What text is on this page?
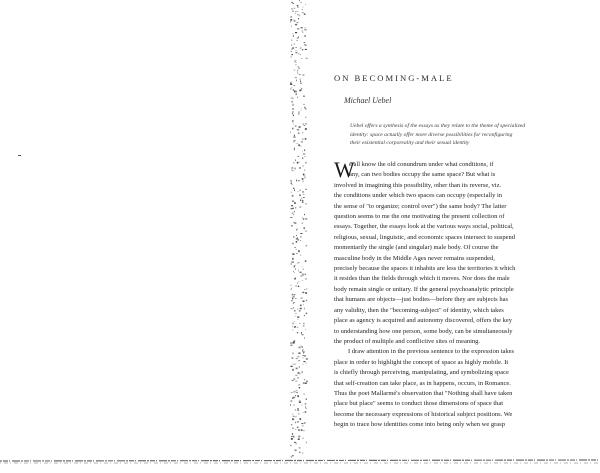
ON BECOMING-MALE
Michael Uebel
Uebel offers a synthesis of the essays as they relate to the theme of specialized
identity: space actually offer more diverse possibilities for reconfiguring
their existential corporeality and their sexual identity
W
e all know the old conundrum under what conditions, if
any, can two bodies occupy the same space? But what is
involved in imagining this possibility, other than its reverse, viz.
the conditions under which two spaces can occupy (especially in
the sense of "to organize; control over") the same body? The latter
question seems to me the one motivating the present collection of
essays. Together, the essays look at the various ways social, political,
religious, sexual, linguistic, and economic spaces intersect to suspend
momentarily the single (and singular) male body. Of course the
masculine body in the Middle Ages never remains suspended,
precisely because the spaces it inhabits are less the territories it which
it resides than the fields through which it moves. Nor does the male
body remain single or unitary. If the general psychoanalytic principle
that humans are objects—just bodies—before they are subjects has
any validity, then the "becoming-subject" of identity, which takes
place as agency is acquired and autonomy discovered, offers the key
to understanding how one person, some body, can be simultaneously
the product of multiple and conflictive sites of meaning.
I draw attention in the previous sentence to the expression takes
place in order to highlight the concept of space as highly mobile. It
is chiefly through perceiving, manipulating, and symbolizing space
that self-creation can take place, as in happens, occurs, in Romance.
Thus the poet Mallarmé's observation that "Nothing shall have taken
place but place" seems to conduct those dimensions of space that
become the necessary expressions of historical subject positions. We
begin to trace how identities come into being only when we grasp
